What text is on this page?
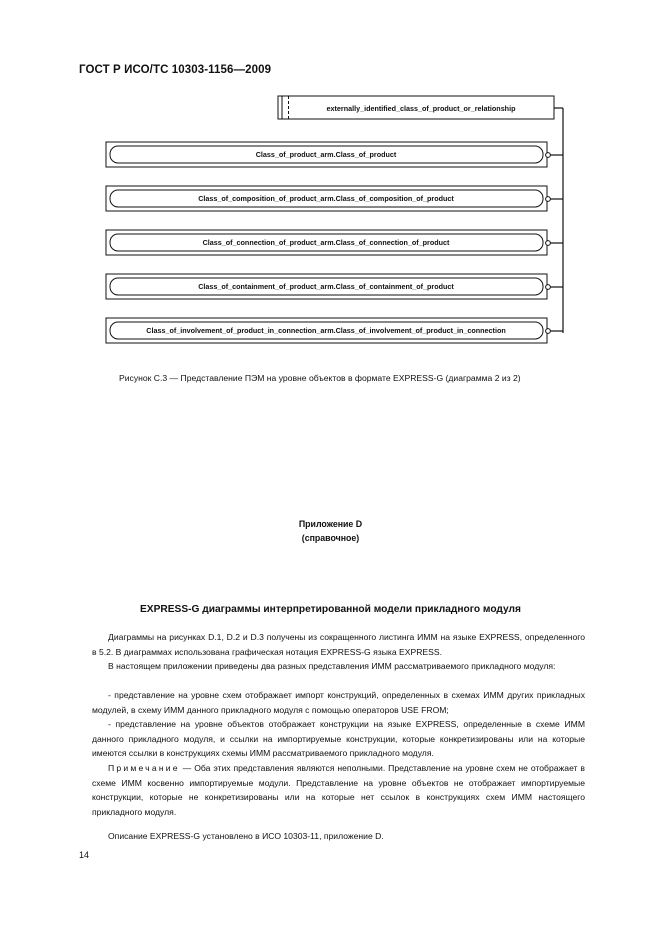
ГОСТ Р ИСО/ТС 10303-1156—2009
externally_identified_class_of_product_or_relationship
Class_of_product_arm.Class_of_product
Class_of_composition_of_product_arm.Class_of_composition_of_product
Class_of_connection_of_product_arm.Class_of_connection_of_product
Class_of_containment_of_product_arm.Class_of_containment_of_product
Class_of_involvement_of_product_in_connection_arm.Class_of_involvement_of_product_in_connection
Рисунок C.3 — Представление ПЭМ на уровне объектов в формате EXPRESS-G (диаграмма 2 из 2)
Приложение D
(справочное)
EXPRESS-G диаграммы интерпретированной модели прикладного модуля

Диаграммы на рисунках D.1, D.2 и D.3 получены из сокращенного листинга ИММ на языке EXPRESS, определенного в 5.2. В диаграммах использована графическая нотация EXPRESS-G языка EXPRESS.

В настоящем приложении приведены два разных представления ИММ рассматриваемого прикладного модуля:

- представление на уровне схем отображает импорт конструкций, определенных в схемах ИММ других прикладных модулей, в схему ИММ данного прикладного модуля с помощью операторов USE FROM;

- представление на уровне объектов отображает конструкции на языке EXPRESS, определенные в схеме ИММ данного прикладного модуля, и ссылки на импортируемые конструкции, которые конкретизированы или на которые имеются ссылки в конструкциях схемы ИММ рассматриваемого прикладного модуля.

Примечание — Оба этих представления являются неполными. Представление на уровне схем не отображает в схеме ИММ косвенно импортируемые модули. Представление на уровне объектов не отображает импортируемые конструкции, которые не конкретизированы или на которые нет ссылок в конструкциях схем ИММ настоящего прикладного модуля.

Описание EXPRESS-G установлено в ИСО 10303-11, приложение D.

14
